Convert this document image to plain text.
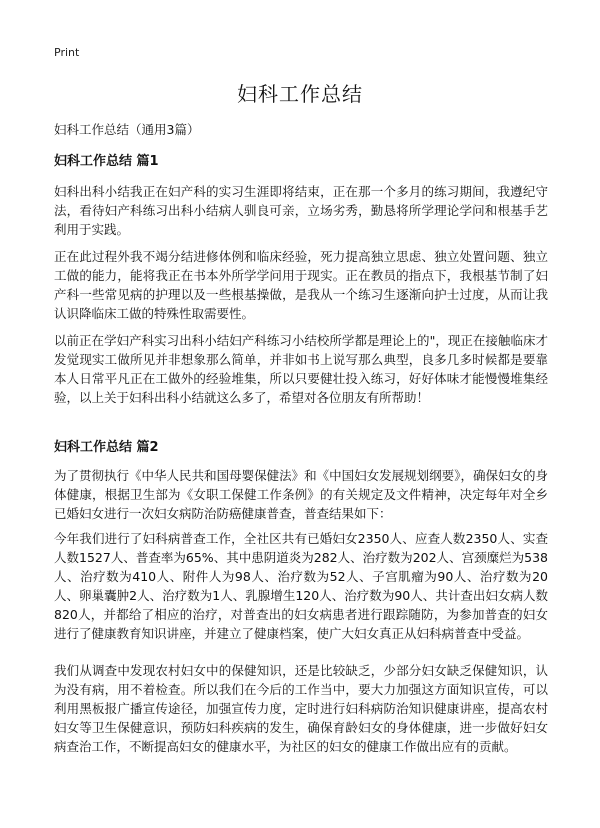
Print
妇科工作总结
妇科工作总结（通用3篇）
妇科工作总结 篇1
妇科出科小结我正在妇产科的实习生涯即将结束，正在那一个多月的练习期间，我遵纪守法，看待妇产科练习出科小结病人驯良可亲，立场劣秀，勤恳将所学理论学问和根基手艺利用于实践。
正在此过程外我不竭分结进修体例和临床经验，死力提高独立思虑、独立处置问题、独立工做的能力，能将我正在书本外所学学问用于现实。正在教员的指点下，我根基节制了妇产科一些常见病的护理以及一些根基操做，是我从一个练习生逐渐向护士过度，从而让我认识降临床工做的特殊性取需要性。
以前正在学妇产科实习出科小结妇产科练习小结校所学都是理论上的"，现正在接触临床才发觉现实工做所见并非想象那么简单，并非如书上说写那么典型，良多几多时候都是要靠本人日常平凡正在工做外的经验堆集，所以只要健壮投入练习，好好体味才能慢慢堆集经验，以上关于妇科出科小结就这么多了，希望对各位朋友有所帮助！
妇科工作总结 篇2
为了贯彻执行《中华人民共和国母婴保健法》和《中国妇女发展规划纲要》，确保妇女的身体健康，根据卫生部为《女职工保健工作条例》的有关规定及文件精神，决定每年对全乡已婚妇女进行一次妇女病防治防癌健康普查，普查结果如下：
今年我们进行了妇科病普查工作，全社区共有已婚妇女2350人、应查人数2350人、实查人数1527人、普查率为65%、其中患阴道炎为282人、治疗数为202人、宫颈糜烂为538人、治疗数为410人、附件人为98人、治疗数为52人、子宫肌瘤为90人、治疗数为20人、卵巢囊肿2人、治疗数为1人、乳腺增生120人、治疗数为90人、共计查出妇女病人数820人，并都给了相应的治疗，对普查出的妇女病患者进行跟踪随防，为参加普查的妇女进行了健康教育知识讲座，并建立了健康档案，使广大妇女真正从妇科病普查中受益。
我们从调查中发现农村妇女中的保健知识，还是比较缺乏，少部分妇女缺乏保健知识，认为没有病，用不着检查。所以我们在今后的工作当中，要大力加强这方面知识宣传，可以利用黑板报广播宣传途径，加强宣传力度，定时进行妇科病防治知识健康讲座，提高农村妇女等卫生保健意识，预防妇科疾病的发生，确保育龄妇女的身体健康，进一步做好妇女病查治工作，不断提高妇女的健康水平，为社区的妇女的健康工作做出应有的贡献。
